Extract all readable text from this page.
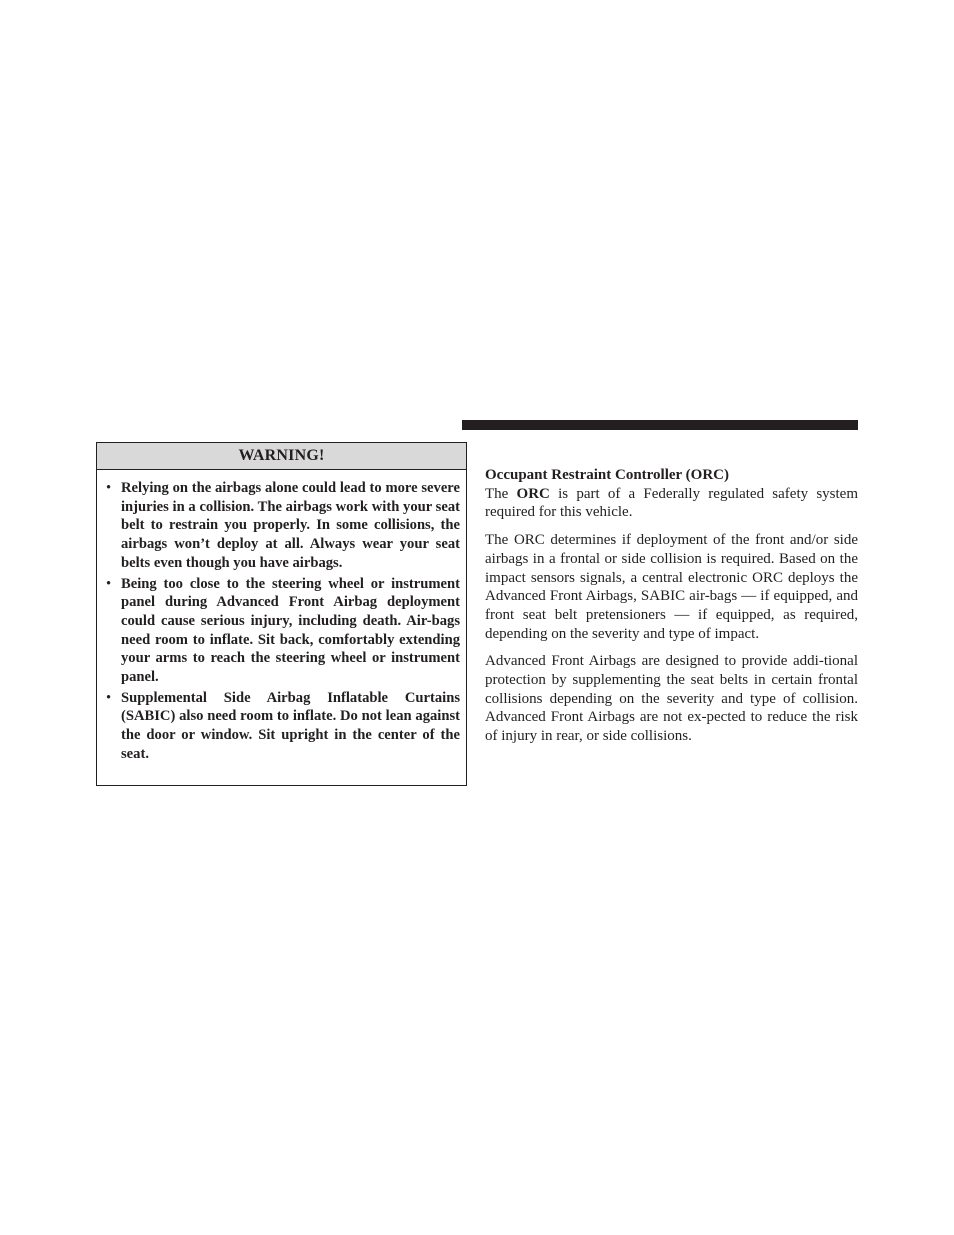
WARNING!
• Relying on the airbags alone could lead to more severe injuries in a collision. The airbags work with your seat belt to restrain you properly. In some collisions, the airbags won’t deploy at all. Always wear your seat belts even though you have airbags.
• Being too close to the steering wheel or instrument panel during Advanced Front Airbag deployment could cause serious injury, including death. Air-bags need room to inflate. Sit back, comfortably extending your arms to reach the steering wheel or instrument panel.
• Supplemental Side Airbag Inflatable Curtains (SABIC) also need room to inflate. Do not lean against the door or window. Sit upright in the center of the seat.
Occupant Restraint Controller (ORC)

The ORC is part of a Federally regulated safety system required for this vehicle.

The ORC determines if deployment of the front and/or side airbags in a frontal or side collision is required. Based on the impact sensors signals, a central electronic ORC deploys the Advanced Front Airbags, SABIC air-bags — if equipped, and front seat belt pretensioners — if equipped, as required, depending on the severity and type of impact.

Advanced Front Airbags are designed to provide addi-tional protection by supplementing the seat belts in certain frontal collisions depending on the severity and type of collision. Advanced Front Airbags are not ex-pected to reduce the risk of injury in rear, or side collisions.
